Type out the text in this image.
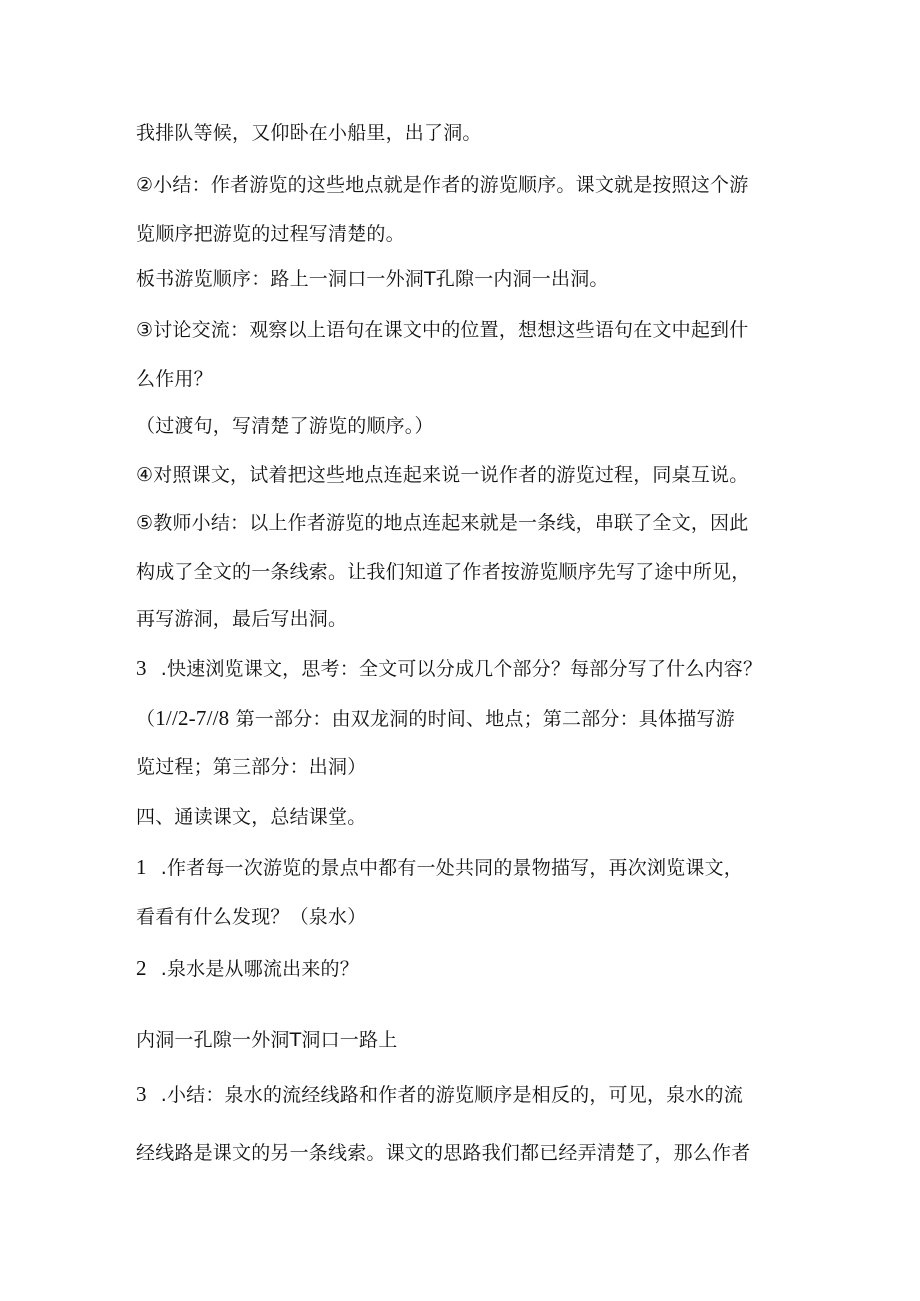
我排队等候，又仰卧在小船里，出了洞。
②小结：作者游览的这些地点就是作者的游览顺序。课文就是按照这个游
览顺序把游览的过程写清楚的。
板书游览顺序：路上一洞口一外洞T孔隙一内洞一出洞。
③讨论交流：观察以上语句在课文中的位置，想想这些语句在文中起到什
么作用？
（过渡句，写清楚了游览的顺序。）
④对照课文，试着把这些地点连起来说一说作者的游览过程，同桌互说。
⑤教师小结：以上作者游览的地点连起来就是一条线，串联了全文，因此
构成了全文的一条线索。让我们知道了作者按游览顺序先写了途中所见，
再写游洞，最后写出洞。
3 .快速浏览课文，思考：全文可以分成几个部分？每部分写了什么内容？
（1//2-7//8 第一部分：由双龙洞的时间、地点；第二部分：具体描写游
览过程；第三部分：出洞）
四、通读课文，总结课堂。
1 .作者每一次游览的景点中都有一处共同的景物描写，再次浏览课文，
看看有什么发现？（泉水）
2 .泉水是从哪流出来的？
内洞一孔隙一外洞T洞口一路上
3 .小结：泉水的流经线路和作者的游览顺序是相反的，可见，泉水的流
经线路是课文的另一条线索。课文的思路我们都已经弄清楚了，那么作者
